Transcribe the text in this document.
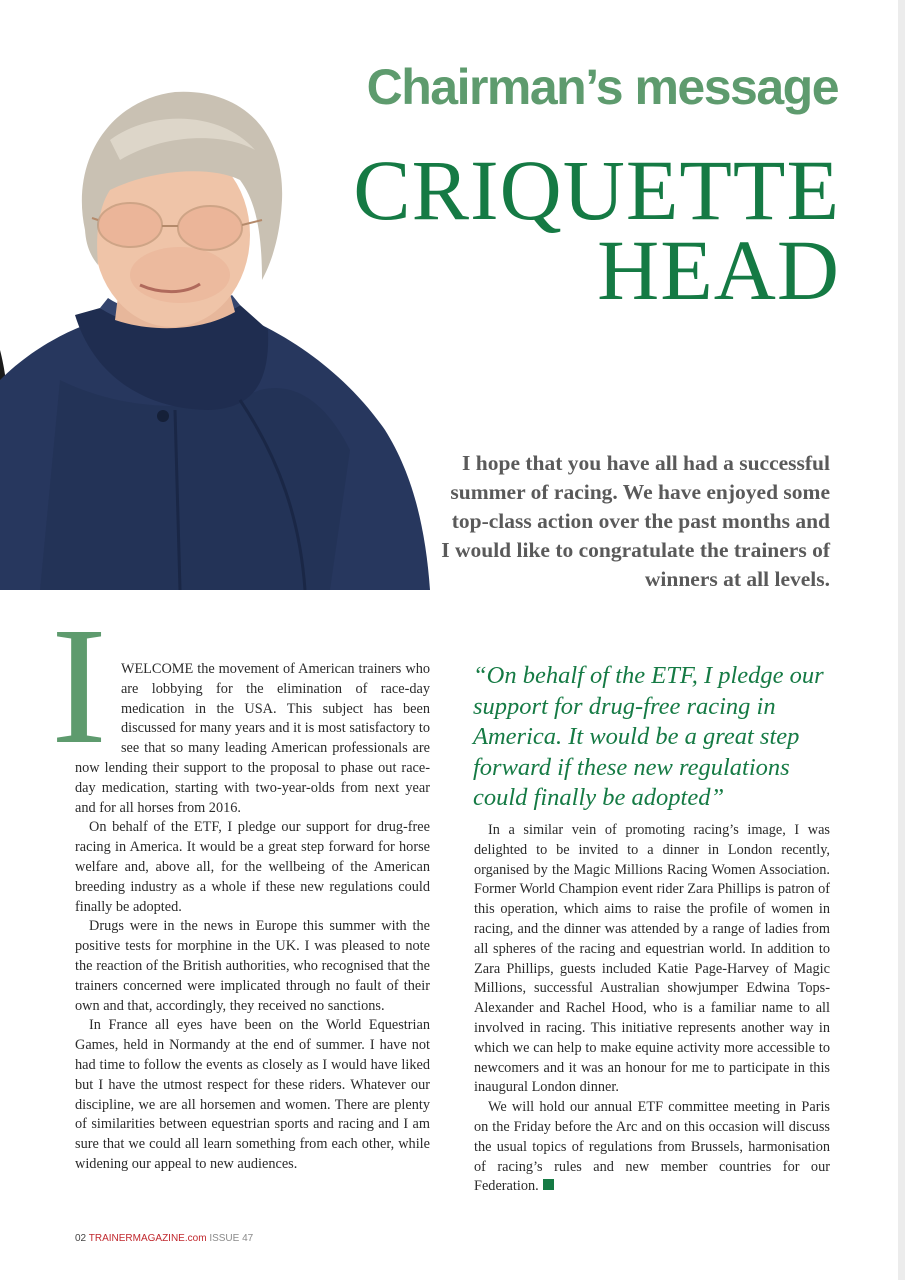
Chairman’s message
CRIQUETTE
HEAD
I hope that you have all had a successful summer of racing. We have enjoyed some top-class action over the past months and I would like to congratulate the trainers of winners at all levels.
I WELCOME the movement of American trainers who are lobbying for the elimination of race-day medication in the USA. This subject has been discussed for many years and it is most satisfactory to see that so many leading American professionals are now lending their support to the proposal to phase out race-day medication, starting with two-year-olds from next year and for all horses from 2016.

On behalf of the ETF, I pledge our support for drug-free racing in America. It would be a great step forward for horse welfare and, above all, for the wellbeing of the American breeding industry as a whole if these new regulations could finally be adopted.

Drugs were in the news in Europe this summer with the positive tests for morphine in the UK. I was pleased to note the reaction of the British authorities, who recognised that the trainers concerned were implicated through no fault of their own and that, accordingly, they received no sanctions.

In France all eyes have been on the World Equestrian Games, held in Normandy at the end of summer. I have not had time to follow the events as closely as I would have liked but I have the utmost respect for these riders. Whatever our discipline, we are all horsemen and women. There are plenty of similarities between equestrian sports and racing and I am sure that we could all learn something from each other, while widening our appeal to new audiences.

“On behalf of the ETF, I pledge our support for drug-free racing in America. It would be a great step forward if these new regulations could finally be adopted”

In a similar vein of promoting racing’s image, I was delighted to be invited to a dinner in London recently, organised by the Magic Millions Racing Women Association. Former World Champion event rider Zara Phillips is patron of this operation, which aims to raise the profile of women in racing, and the dinner was attended by a range of ladies from all spheres of the racing and equestrian world. In addition to Zara Phillips, guests included Katie Page-Harvey of Magic Millions, successful Australian showjumper Edwina Tops-Alexander and Rachel Hood, who is a familiar name to all involved in racing. This initiative represents another way in which we can help to make equine activity more accessible to newcomers and it was an honour for me to participate in this inaugural London dinner.

We will hold our annual ETF committee meeting in Paris on the Friday before the Arc and on this occasion will discuss the usual topics of regulations from Brussels, harmonisation of racing’s rules and new member countries for our Federation.

02 TRAINERMAGAZINE.com ISSUE 47
